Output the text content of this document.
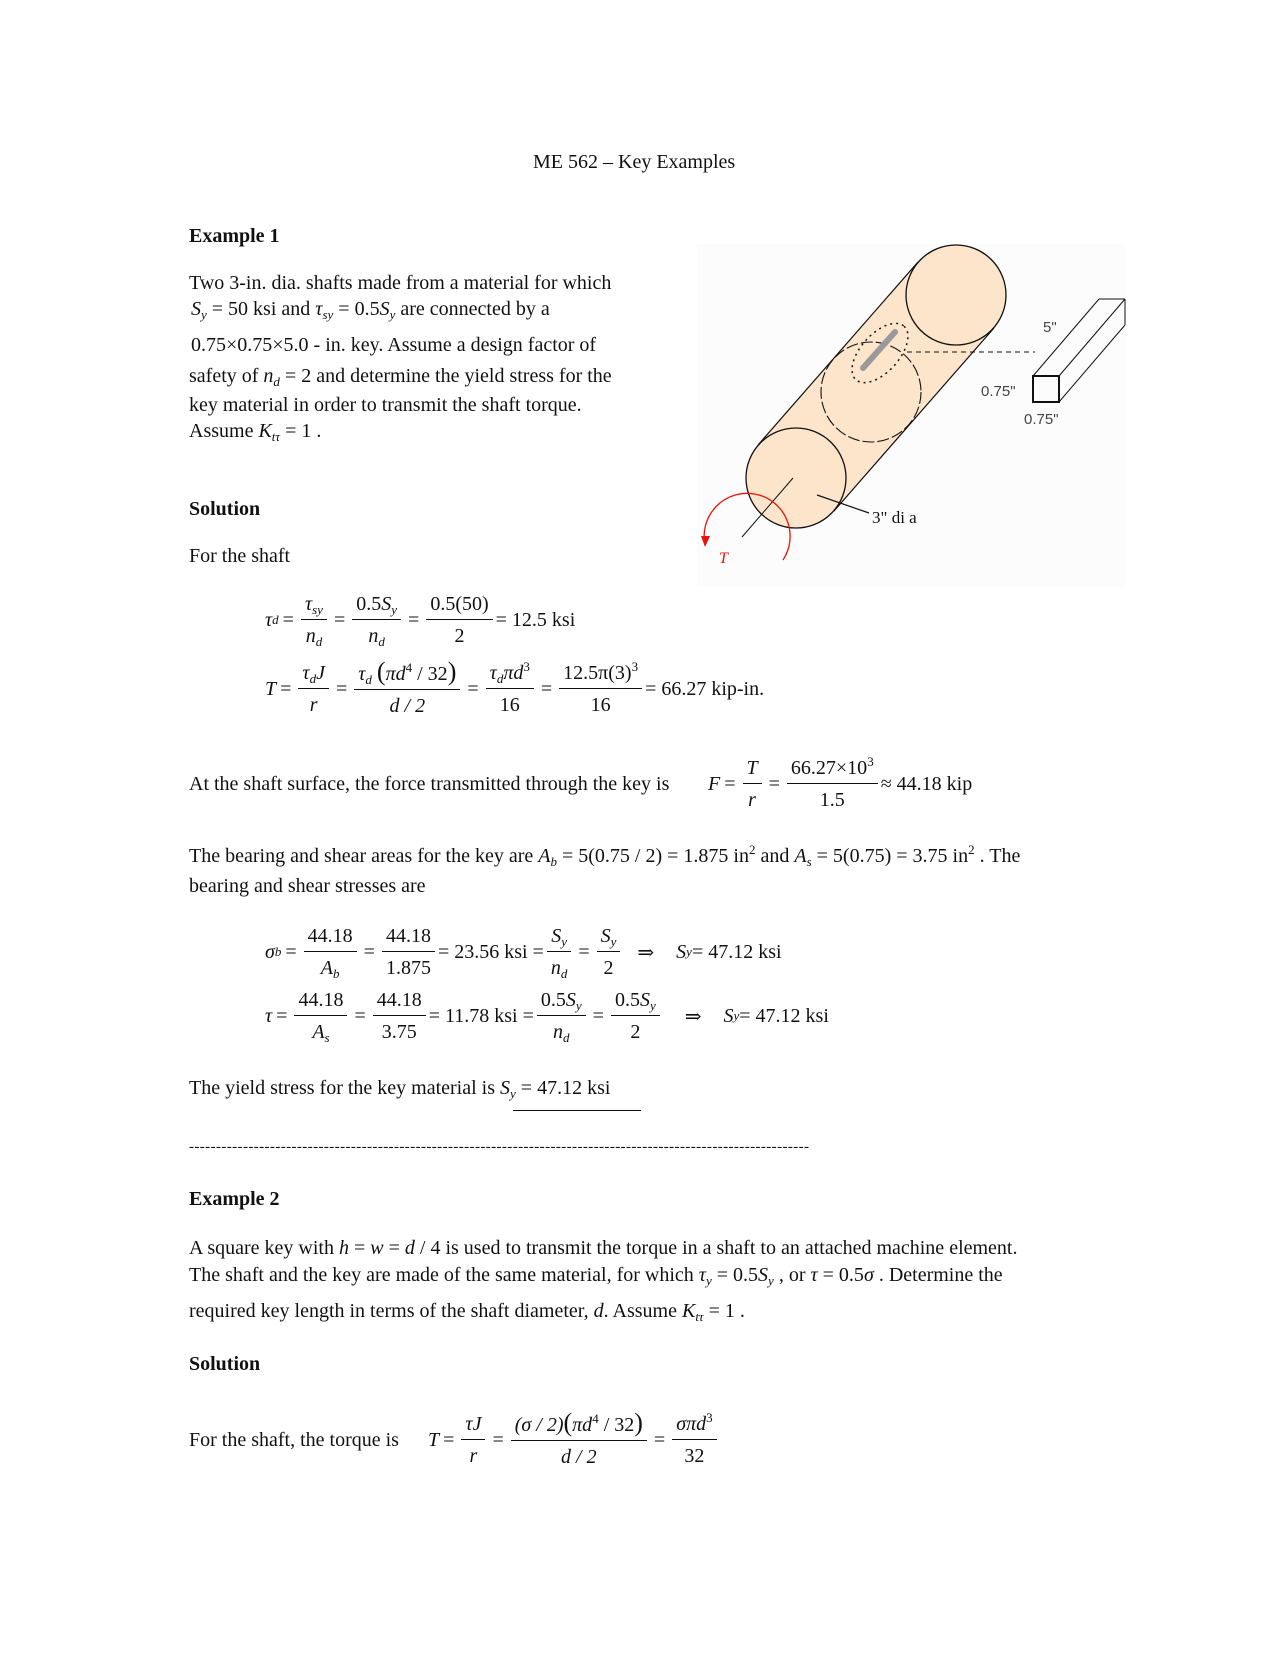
ME 562 – Key Examples
Example 1
Two 3-in. dia. shafts made from a material for which
$S_y = 50$ ksi and $\tau_{sy} = 0.5S_y$ are connected by a
0.75×0.75×5.0 - in. key. Assume a design factor of
safety of $n_d = 2$ and determine the yield stress for the
key material in order to transmit the shaft torque.
Assume $K_{t\tau} = 1$ .
Solution
For the shaft
τ d =
$\tau_{sy}$
$n_d$
= $\frac{0.5S_y}{n_d} = \frac{0.5(50)}{2} = 12.5$ ksi
T =
$\tau_dJ$
r
= $\frac{\tau_d (\pi d^4 / 32)}{d / 2}$ =
$\tau_d\pi d^3$
16
= $\frac{12.5\pi(3)^3}{16} = 66.27$ kip-in.
At the shaft surface, the force transmitted through the key is $F = \frac{T}{r} = \frac{66.27\times 10^3}{1.5} \approx 44.18$ kip
The bearing and shear areas for the key are $A_b = 5(0.75 / 2) = 1.875$ $in^2$ and $A_s = 5(0.75) = 3.75$ $in^2$ . The
bearing and shear stresses are
σ $b = \frac{44.18}{A_b} = \frac{44.18}{1.875} = 23.56$ ksi = $\frac{S_y}{n_d} = \frac{S_y}{2}$ ⇒ S y = 47.12 ksi
$\tau = \frac{44.18}{A_s} = \frac{44.18}{3.75} = 11.78$ ksi = $\frac{0.5S_y}{n_d} = \frac{0.5S_y}{2}$ ⇒ S y = 47.12 ksi
The yield stress for the key material is $S_y = 47.12$ ksi
-------------------------------------------------------------------------------------------------------------------
Example 2
A square key with h = w = d / 4 is used to transmit the torque in a shaft to an attached machine element.
The shaft and the key are made of the same material, for which $\tau_y = 0.5S_y$ , or τ = 0.5σ . Determine the
required key length in terms of the shaft diameter, d. Assume $K_{t\tau} = 1$ .
Solution
For the shaft, the torque is $T = \frac{\tau J}{r} = \frac{(\sigma / 2)(\pi d^4 / 32)}{d / 2}$ =
σπd$^3$
32
5"
0.75"
0.75"
3" di a
T
